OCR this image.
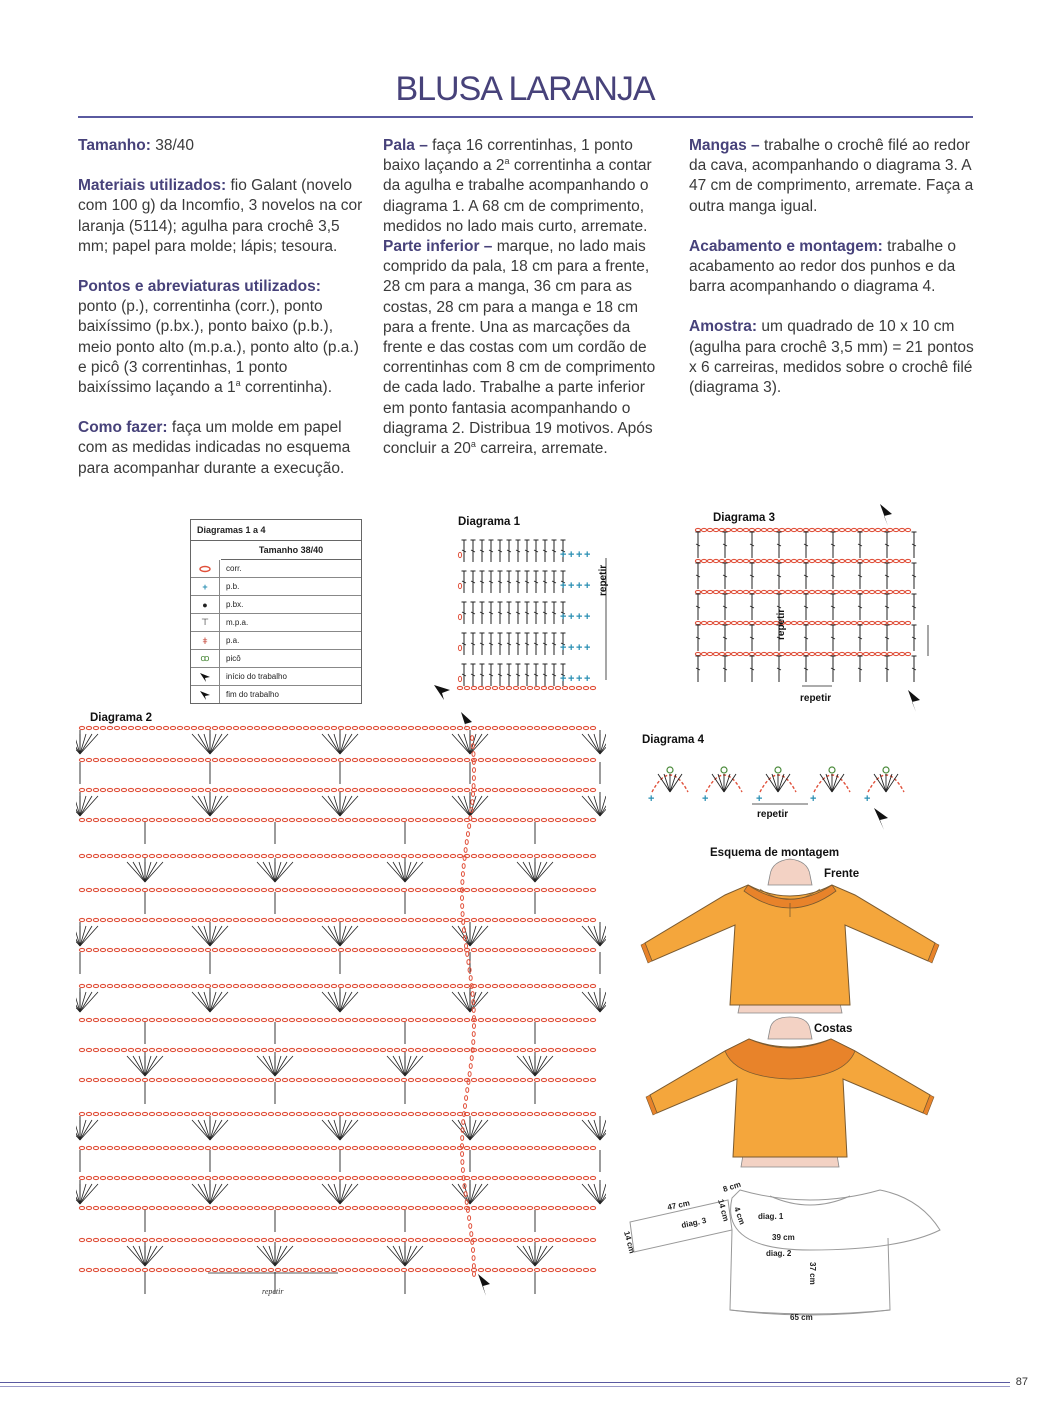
BLUSA LARANJA

Tamanho: 38/40

Materiais utilizados: fio Galant (novelo com 100 g) da Incomfio, 3 novelos na cor laranja (5114); agulha para crochê 3,5 mm; papel para molde; lápis; tesoura.

Pontos e abreviaturas utilizados: ponto (p.), correntinha (corr.), ponto baixíssimo (p.bx.), ponto baixo (p.b.), meio ponto alto (m.p.a.), ponto alto (p.a.) e picô (3 correntinhas, 1 ponto baixíssimo laçando a 1$^a$ correntinha).

Como fazer: faça um molde em papel com as medidas indicadas no esquema para acompanhar durante a execução.

Pala – faça 16 correntinhas, 1 ponto baixo laçando a 2$^a$ correntinha a contar da agulha e trabalhe acompanhando o diagrama 1. A 68 cm de comprimento, medidos no lado mais curto, arremate.

Parte inferior – marque, no lado mais comprido da pala, 18 cm para a frente, 28 cm para a manga, 36 cm para as costas, 28 cm para a manga e 18 cm para a frente. Una as marcações da frente e das costas com um cordão de correntinhas com 8 cm de comprimento de cada lado. Trabalhe a parte inferior em ponto fantasia acompanhando o diagrama 2. Distribua 19 motivos. Após concluir a 20$^a$ carreira, arremate.

Mangas – trabalhe o crochê filé ao redor da cava, acompanhando o diagrama 3. A 47 cm de comprimento, arremate. Faça a outra manga igual.

Acabamento e montagem: trabalhe o acabamento ao redor dos punhos e da barra acompanhando o diagrama 4.

Amostra: um quadrado de 10 x 10 cm (agulha para crochê 3,5 mm) = 21 pontos x 6 carreiras, medidos sobre o crochê filé (diagrama 3).

Diagramas 1 a 4
Tamanho 38/40
corr.
+	p.b.
●	p.bx.
⊤	m.p.a.
ǂ	p.a.
ꝏ	picô
início do trabalho
fim do trabalho
Diagrama 1	Diagrama 3
Diagrama 2
Diagrama 4
Esquema de montagem
Frente
Costas
+ + + +
+ + + +
+ + + +
+ + + +
+ + + +
repetir
repetir
repetir
repetir
+	+	+	+	+
repetir
47 cm
8 cm
4 cm
14 cm
14 cm	39 cm
37 cm
65 cm
diag. 1
diag. 3
diag. 2
87
